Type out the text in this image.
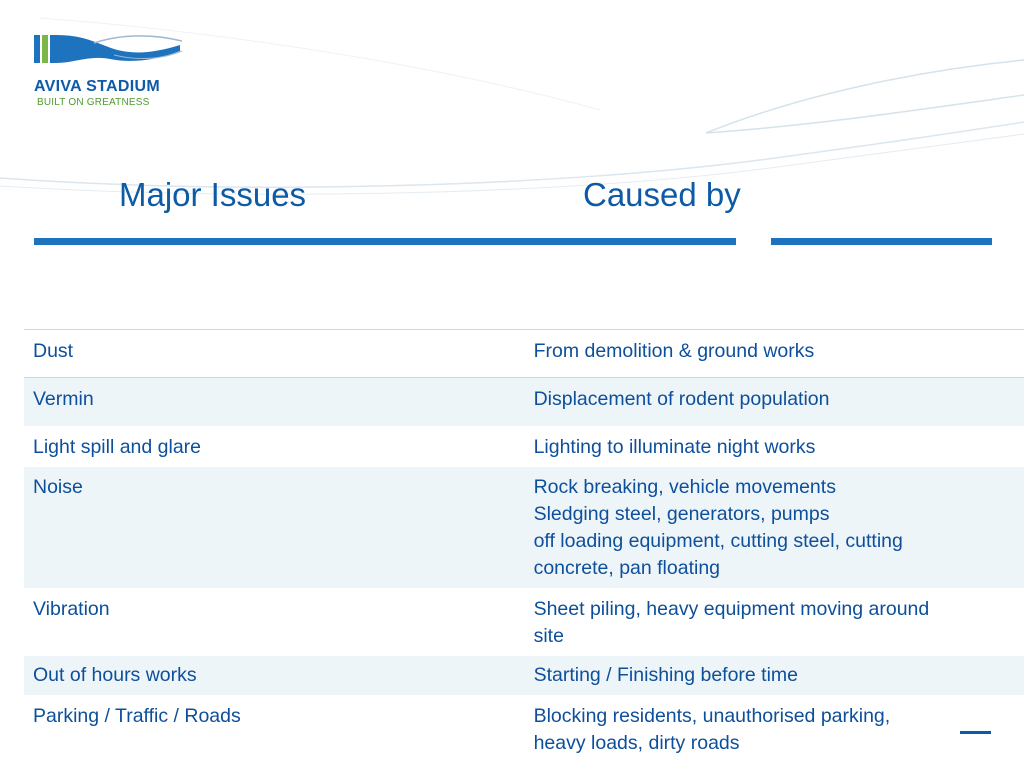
AVIVA STADIUM
BUILT ON GREATNESS
Major Issues	Caused by
Dust	From demolition & ground works

Vermin	Displacement of rodent population

Light spill and glare	Lighting to illuminate night works

Noise	Rock breaking, vehicle movements
Sledging steel, generators, pumps
off loading equipment, cutting steel, cutting
concrete, pan floating

Vibration	Sheet piling, heavy equipment moving around
site

Out of hours works	Starting / Finishing before time

Parking / Traffic / Roads	Blocking residents, unauthorised parking,
heavy loads, dirty roads
